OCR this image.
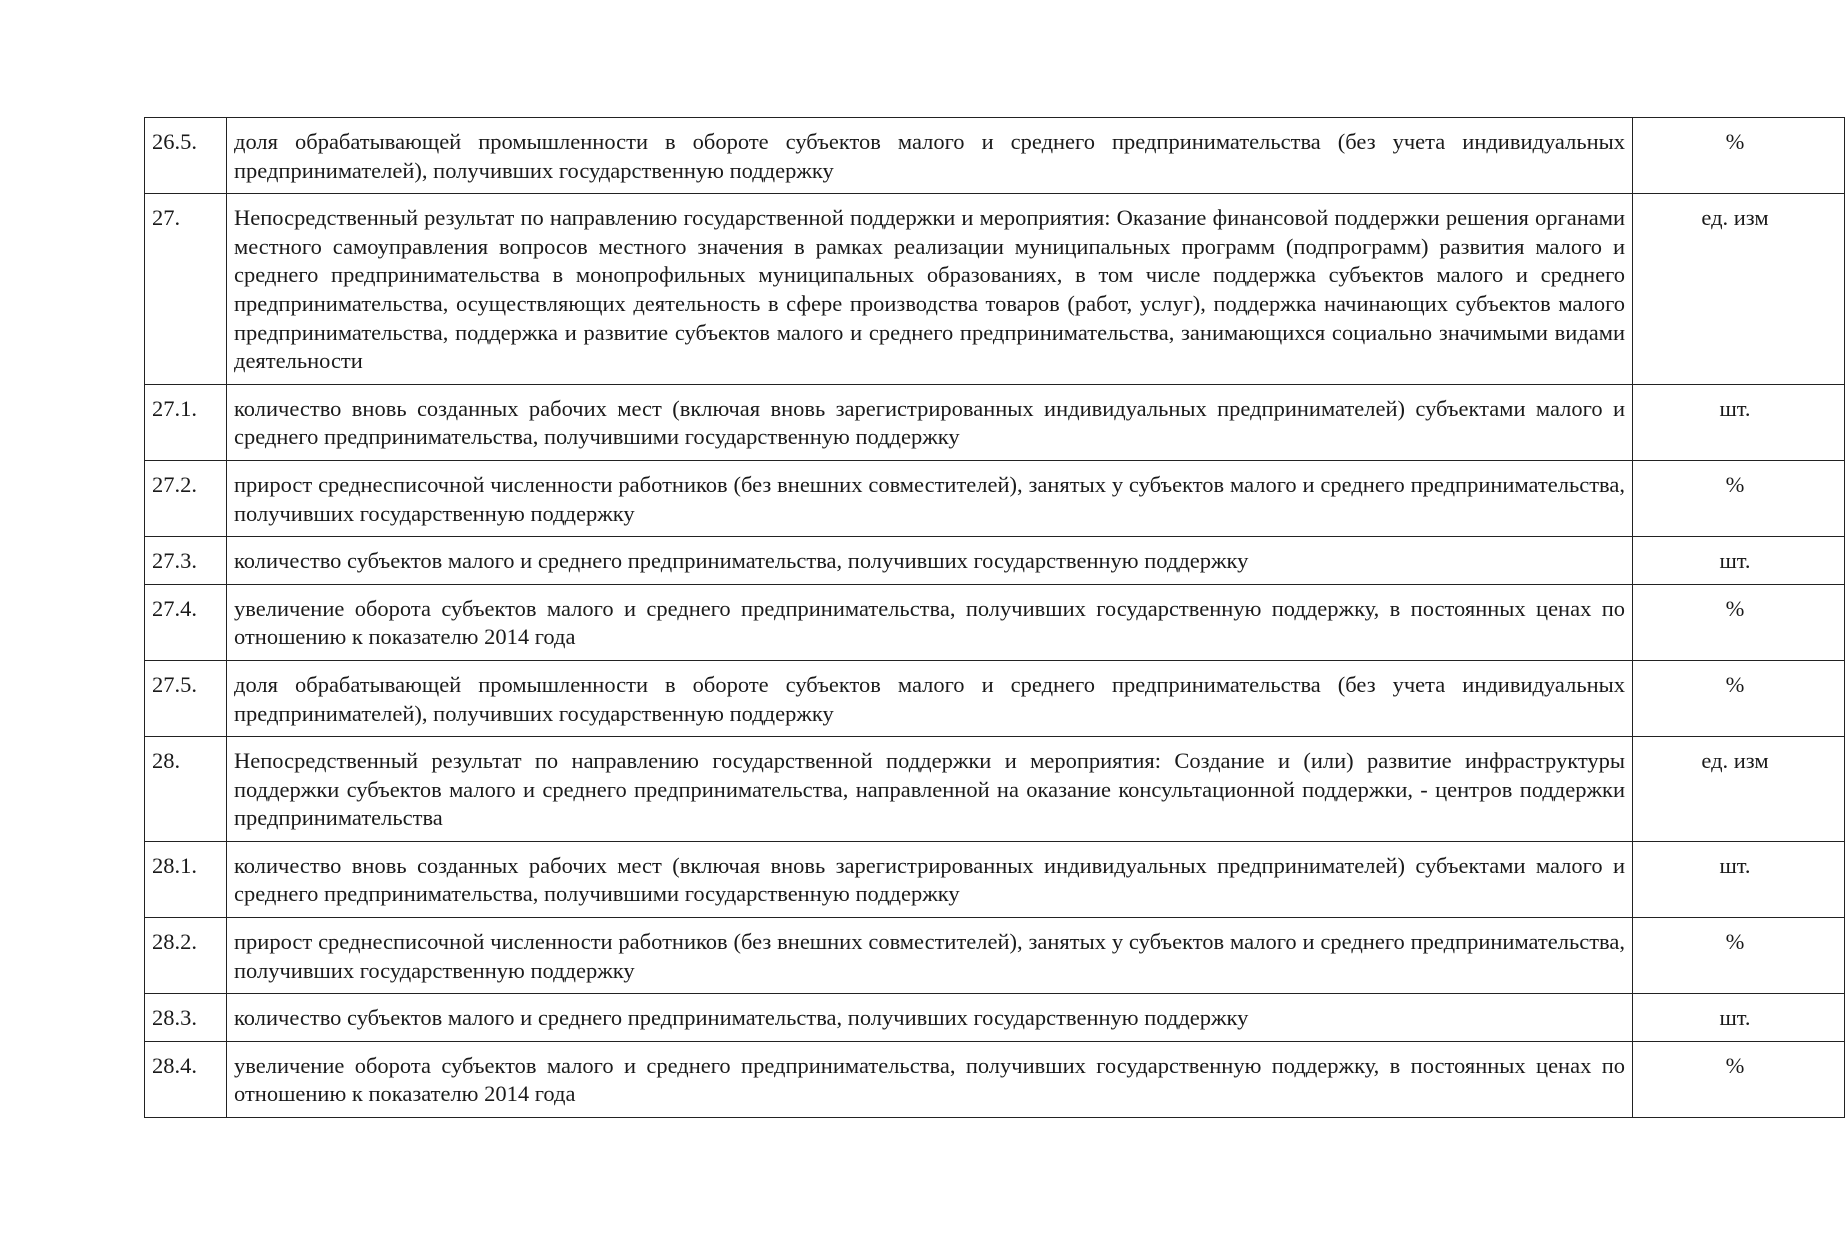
26.5.	доля обрабатывающей промышленности в обороте субъектов малого и среднего предпринимательства (без учета индивидуальных предпринимателей), получивших государственную поддержку	%

27.	Непосредственный результат по направлению государственной поддержки и мероприятия: Оказание финансовой поддержки решения органами местного самоуправления вопросов местного значения в рамках реализации муниципальных программ (подпрограмм) развития малого и среднего предпринимательства в монопрофильных муниципальных образованиях, в том числе поддержка субъектов малого и среднего предпринимательства, осуществляющих деятельность в сфере производства товаров (работ, услуг), поддержка начинающих субъектов малого предпринимательства, поддержка и развитие субъектов малого и среднего предпринимательства, занимающихся социально значимыми видами деятельности	ед. изм

27.1.	количество вновь созданных рабочих мест (включая вновь зарегистрированных индивидуальных предпринимателей) субъектами малого и среднего предпринимательства, получившими государственную поддержку	шт.

27.2.	прирост среднесписочной численности работников (без внешних совместителей), занятых у субъектов малого и среднего предпринимательства, получивших государственную поддержку	%

27.3.	количество субъектов малого и среднего предпринимательства, получивших государственную поддержку	шт.

27.4.	увеличение оборота субъектов малого и среднего предпринимательства, получивших государственную поддержку, в постоянных ценах по отношению к показателю 2014 года	%

27.5.	доля обрабатывающей промышленности в обороте субъектов малого и среднего предпринимательства (без учета индивидуальных предпринимателей), получивших государственную поддержку	%

28.	Непосредственный результат по направлению государственной поддержки и мероприятия: Создание и (или) развитие инфраструктуры поддержки субъектов малого и среднего предпринимательства, направленной на оказание консультационной поддержки, - центров поддержки предпринимательства	ед. изм

28.1.	количество вновь созданных рабочих мест (включая вновь зарегистрированных индивидуальных предпринимателей) субъектами малого и среднего предпринимательства, получившими государственную поддержку	шт.

28.2.	прирост среднесписочной численности работников (без внешних совместителей), занятых у субъектов малого и среднего предпринимательства, получивших государственную поддержку	%

28.3.	количество субъектов малого и среднего предпринимательства, получивших государственную поддержку	шт.

28.4.	увеличение оборота субъектов малого и среднего предпринимательства, получивших государственную поддержку, в постоянных ценах по отношению к показателю 2014 года	%
